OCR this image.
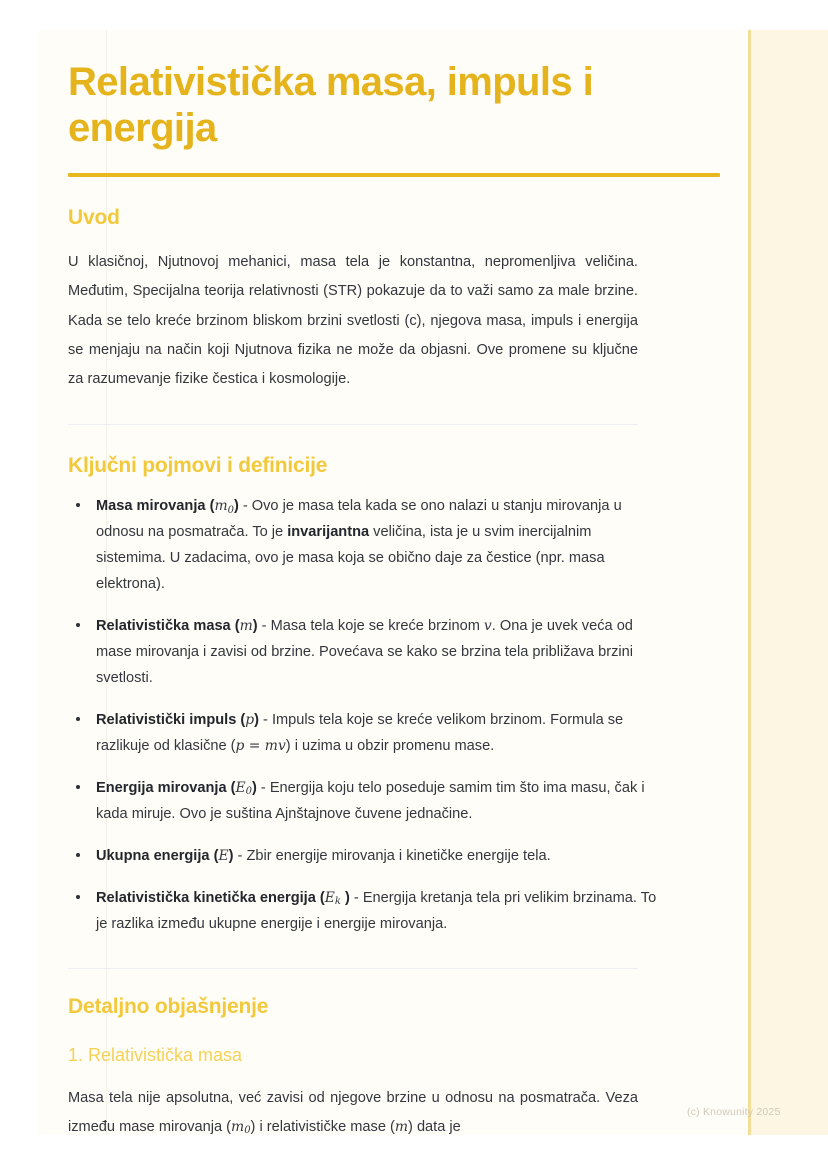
Relativistička masa, impuls i energija
Uvod

U klasičnoj, Njutnovoj mehanici, masa tela je konstantna, nepromenljiva veličina. Međutim, Specijalna teorija relativnosti (STR) pokazuje da to važi samo za male brzine. Kada se telo kreće brzinom bliskom brzini svetlosti (c), njegova masa, impuls i energija se menjaju na način koji Njutnova fizika ne može da objasni. Ove promene su ključne za razumevanje fizike čestica i kosmologije.

Ključni pojmovi i definicije
Masa mirovanja $(m_0)$ - Ovo je masa tela kada se ono nalazi u stanju mirovanja u odnosu na posmatrača. To je invarijantna veličina, ista je u svim inercijalnim sistemima. U zadacima, ovo je masa koja se obično daje za čestice (npr. masa elektrona).
Relativistička masa (m) - Masa tela koje se kreće brzinom v. Ona je uvek veća od mase mirovanja i zavisi od brzine. Povećava se kako se brzina tela približava brzini svetlosti.
Relativistički impuls (p) - Impuls tela koje se kreće velikom brzinom. Formula se razlikuje od klasične (p = mv) i uzima u obzir promenu mase.
Energija mirovanja $(E_0)$ - Energija koju telo poseduje samim tim što ima masu, čak i kada miruje. Ovo je suština Ajnštajnove čuvene jednačine.
Ukupna energija (E) - Zbir energije mirovanja i kinetičke energije tela.
Relativistička kinetička energija ($E_k$ ) - Energija kretanja tela pri velikim brzinama. To je razlika između ukupne energije i energije mirovanja.
Detaljno objašnjenje
1. Relativistička masa

Masa tela nije apsolutna, već zavisi od njegove brzine u odnosu na posmatrača. Veza između mase mirovanja $(m_0)$ i relativističke mase (m) data je

(c) Knowunity 2025
